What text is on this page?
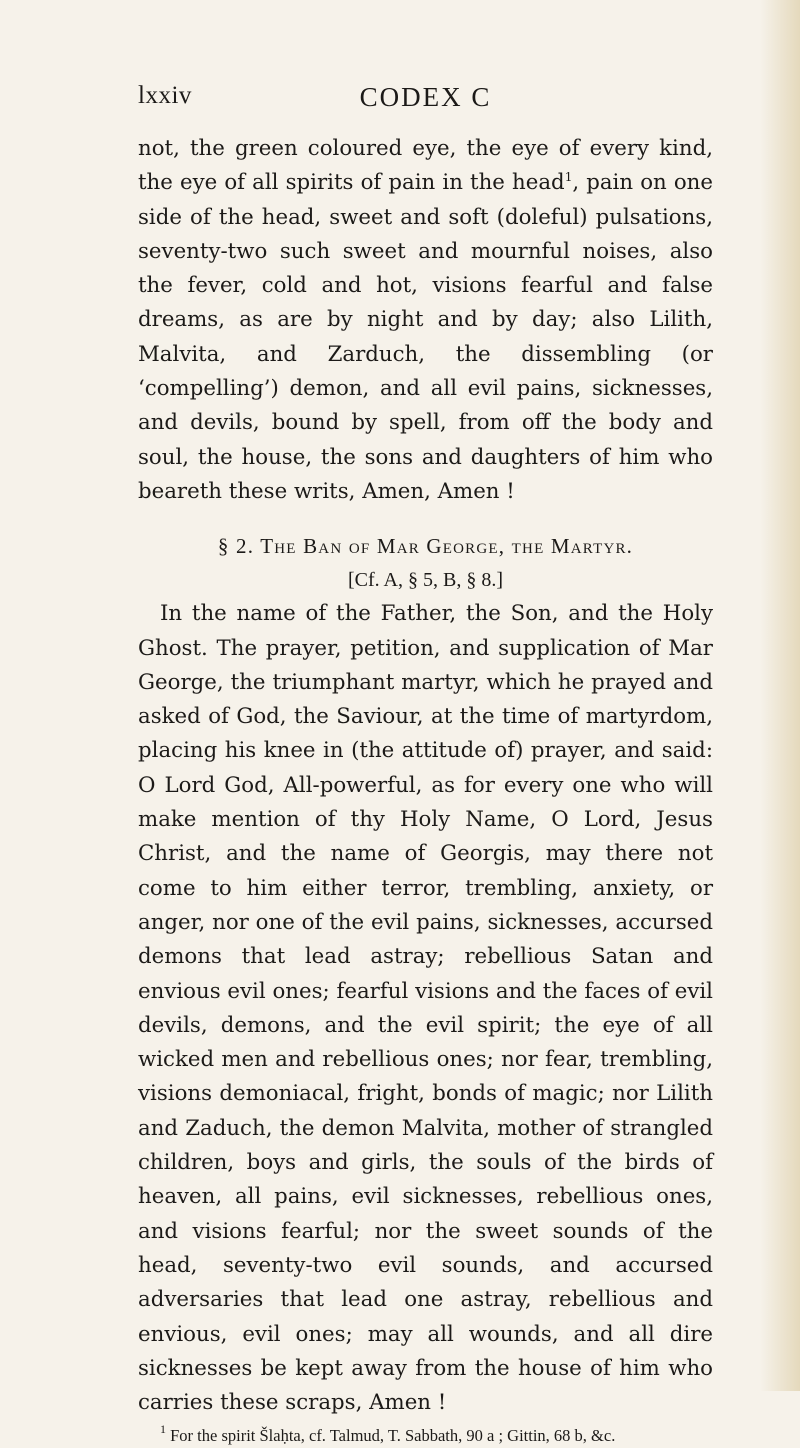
lxxiv	CODEX C

not, the green coloured eye, the eye of every kind, the eye of all spirits of pain in the head$^1$, pain on one side of the head, sweet and soft (doleful) pulsations, seventy-two such sweet and mournful noises, also the fever, cold and hot, visions fearful and false dreams, as are by night and by day; also Lilith, Malvita, and Zarduch, the dissembling (or ‘compelling’) demon, and all evil pains, sicknesses, and devils, bound by spell, from off the body and soul, the house, the sons and daughters of him who beareth these writs, Amen, Amen !

§ 2. The Ban of Mar George, the Martyr.
[Cf. A, § 5, B, § 8.]

In the name of the Father, the Son, and the Holy Ghost. The prayer, petition, and supplication of Mar George, the triumphant martyr, which he prayed and asked of God, the Saviour, at the time of martyrdom, placing his knee in (the attitude of) prayer, and said: O Lord God, All-powerful, as for every one who will make mention of thy Holy Name, O Lord, Jesus Christ, and the name of Georgis, may there not come to him either terror, trembling, anxiety, or anger, nor one of the evil pains, sicknesses, accursed demons that lead astray; rebellious Satan and envious evil ones; fearful visions and the faces of evil devils, demons, and the evil spirit; the eye of all wicked men and rebellious ones; nor fear, trembling, visions demoniacal, fright, bonds of magic; nor Lilith and Zaduch, the demon Malvita, mother of strangled children, boys and girls, the souls of the birds of heaven, all pains, evil sicknesses, rebellious ones, and visions fearful; nor the sweet sounds of the head, seventy-two evil sounds, and accursed adversaries that lead one astray, rebellious and envious, evil ones; may all wounds, and all dire sicknesses be kept away from the house of him who carries these scraps, Amen !

$^1$ For the spirit Šlaḥta, cf. Talmud, T. Sabbath, 90 a ; Gittin, 68 b, &c.
